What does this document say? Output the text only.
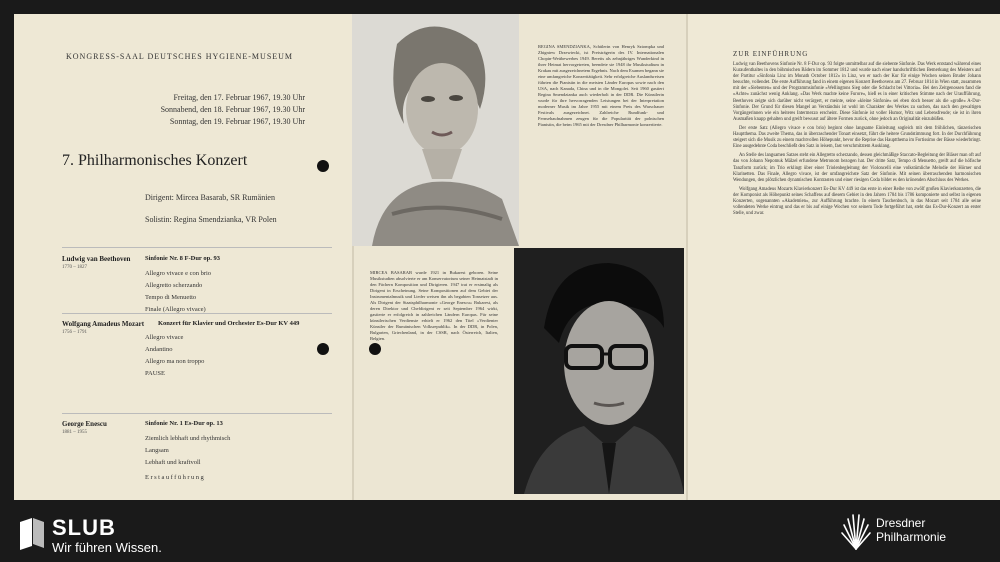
KONGRESS-SAAL DEUTSCHES HYGIENE-MUSEUM
Freitag, den 17. Februar 1967, 19.30 Uhr
Sonnabend, den 18. Februar 1967, 19.30 Uhr
Sonntag, den 19. Februar 1967, 19.30 Uhr
7. Philharmonisches Konzert
Dirigent: Mircea Basarab, SR Rumänien
Solistin: Regina Smendzianka, VR Polen
Ludwig van Beethoven
1770 – 1827
Sinfonie Nr. 8 F-Dur op. 93
Allegro vivace e con brio
Allegretto scherzando
Tempo di Menuetto
Finale (Allegro vivace)
Wolfgang Amadeus Mozart
1756 – 1791
Konzert für Klavier und Orchester Es-Dur KV 449
Allegro vivace
Andantino
Allegro ma non troppo
PAUSE
George Enescu
1881 – 1955
Sinfonie Nr. 1 Es-Dur op. 13
Ziemlich lebhaft und rhythmisch
Langsam
Lebhaft und kraftvoll
Erstaufführung
REGINA SMENDZIANKA, Schülerin von Henryk Sztompka und Zbigniew Drzewiecki, ist Preisträgerin des IV. Internationalen Chopin-Wettbewerbes 1949. Bereits als zehnjähriges Wunderkind in ihrer Heimat hervorgetreten, beendete sie 1948 ihr Musikstudium in Krakau mit ausgezeichnetem Ergebnis. Nach dem Examen begann sie eine umfangreiche Konzerttätigkeit. Sehr erfolgreiche Auslandsreisen führten die Pianistin in die meisten Länder Europas sowie nach den USA, nach Kanada, China und in die Mongolei. Seit 1960 gastiert Regina Smendzianka auch wiederholt in der DDR. Die Künstlerin wurde für ihre hervorragenden Leistungen bei der Interpretation moderner Musik im Jahre 1955 mit einem Preis des Warschauer Festivals ausgezeichnet. Zahlreiche Rundfunk- und Fernsehaufnahmen zeugen für die Popularität der polnischen Pianistin, die beim 1965 mit der Dresdner Philharmonie konzertierte.
MIRCEA BASARAB wurde 1921 in Bukarest geboren. Seine Musikstudien absolvierte er am Konservatorium seiner Heimatstadt in den Fächern Komposition und Dirigieren. 1947 trat er erstmalig als Dirigent in Erscheinung. Seine Kompositionen auf dem Gebiet der Instrumentalmusik und Lieder weisen ihn als begabten Tonsetzer aus. Als Dirigent der Staatsphilharmonie »George Enescu« Bukarest, als deren Direktor und Chefdirigent er seit September 1964 wirkt, gastierte er erfolgreich in zahlreichen Ländern Europas. Für seine künstlerischen Verdienste erhielt er 1962 den Titel »Verdienter Künstler der Rumänischen Volksrepublik«. In der DDR, in Polen, Bulgarien, Griechenland, in der CSSR, nach Österreich, Italien, Belgien.
ZUR EINFÜHRUNG

Ludwig van Beethovens Sinfonie Nr. 8 F-Dur op. 93 folgte unmittelbar auf die siebente Sinfonie. Das Werk entstand während eines Kuraufenthaltes in den böhmischen Bädern im Sommer 1812 und wurde nach einer handschriftlichen Bemerkung des Meisters auf der Partitur »Sinfonia Linz im Monath October 1812« in Linz, wo er nach der Kur für einige Wochen seinen Bruder Johann besuchte, vollendet. Die erste Aufführung fand in einem eigenen Konzert Beethovens am 27. Februar 1814 in Wien statt, zusammen mit der »Siebenten« und der Programmsinfonie »Wellingtons Sieg oder die Schlacht bei Vittoria«. Bei den Zeitgenossen fand die »Achte« zunächst wenig Anklang. »Das Werk machte keine Furore«, hieß es in einer kritischen Stimme nach der Uraufführung, Beethoven zeigte sich darüber nicht verärgert, er meinte, seine »kleine Sinfonie« sei eben doch besser als die »große« A-Dur-Sinfonie. Der Grund für diesen Mangel an Verständnis ist wohl im Charakter des Werkes zu suchen, das nach den gewaltigen Vorgängerinnen wie ein heiteres Intermezzo erscheint. Diese Sinfonie ist voller Humor, Witz und Lebensfreude; sie ist in ihren Ausmaßen knapp gehalten und greift bewusst auf ältere Formen zurück, ohne jedoch an Originalität einzubüßen.

Der erste Satz (Allegro vivace e con brio) beginnt ohne langsame Einleitung sogleich mit dem fröhlichen, tänzerischen Hauptthema. Das zweite Thema, das in überraschender Tonart einsetzt, führt die heitere Grundstimmung fort. In der Durchführung steigert sich die Musik zu einem machtvollen Höhepunkt, bevor die Reprise das Hauptthema im Fortissimo der Bässe wiederbringt. Eine ausgedehnte Coda beschließt den Satz in leisem, fast verschmitztem Ausklang.

An Stelle des langsamen Satzes steht ein Allegretto scherzando, dessen gleichmäßige Staccato-Begleitung der Bläser man oft auf das von Johann Nepomuk Mälzel erfundene Metronom bezogen hat. Der dritte Satz, Tempo di Menuetto, greift auf die höfische Tanzform zurück; im Trio erklingt über einer Triolenbegleitung der Violoncelli eine volkstümliche Melodie der Hörner und Klarinetten. Das Finale, Allegro vivace, ist der umfangreichste Satz der Sinfonie. Mit seinen überraschenden harmonischen Wendungen, den plötzlichen dynamischen Kontrasten und einer riesigen Coda bildet es den krönenden Abschluss des Werkes.

Wolfgang Amadeus Mozarts Klavierkonzert Es-Dur KV 449 ist das erste in einer Reihe von zwölf großen Klavierkonzerten, die der Komponist als Höhepunkt seines Schaffens auf diesem Gebiet in den Jahren 1784 bis 1786 komponierte und selbst in eigenen Konzerten, sogenannten »Akademien«, zur Aufführung brachte. In einem Taschenbuch, in das Mozart seit 1784 alle seine vollendeten Werke eintrug und das er bis auf einige Wochen vor seinem Tode fortgeführt hat, steht das Es-Dur-Konzert an erster Stelle, und zwar.

SLUB
Wir führen Wissen.
Dresdner
Philharmonie
